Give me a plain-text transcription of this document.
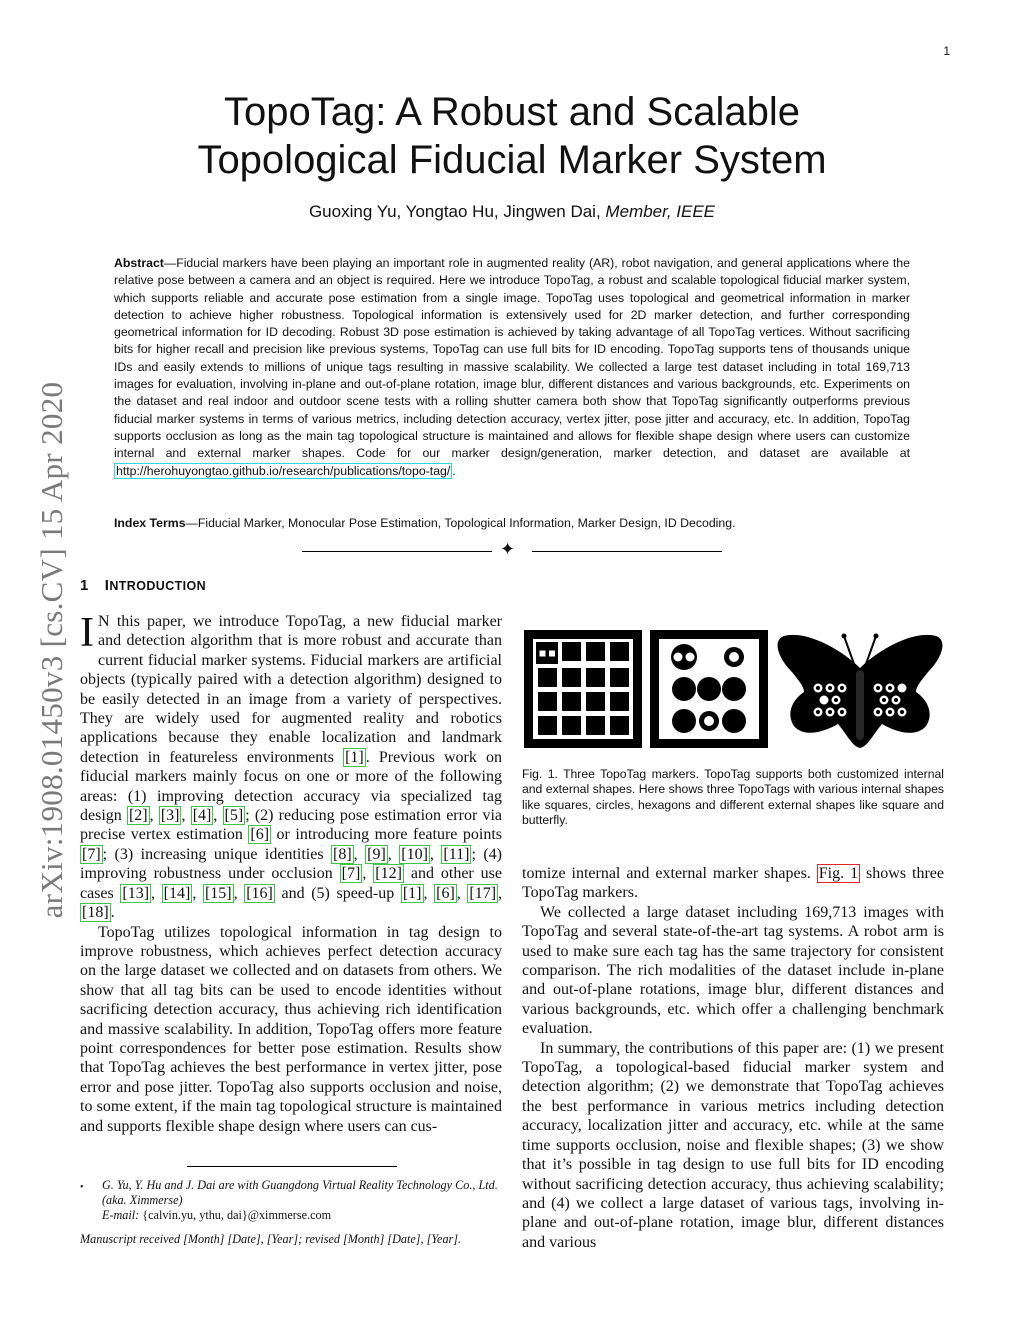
1
arXiv:1908.01450v3 [cs.CV] 15 Apr 2020
TopoTag: A Robust and Scalable
Topological Fiducial Marker System
Guoxing Yu, Yongtao Hu, Jingwen Dai, Member, IEEE
Abstract—Fiducial markers have been playing an important role in augmented reality (AR), robot navigation, and general applications where the relative pose between a camera and an object is required. Here we introduce TopoTag, a robust and scalable topological fiducial marker system, which supports reliable and accurate pose estimation from a single image. TopoTag uses topological and geometrical information in marker detection to achieve higher robustness. Topological information is extensively used for 2D marker detection, and further corresponding geometrical information for ID decoding. Robust 3D pose estimation is achieved by taking advantage of all TopoTag vertices. Without sacrificing bits for higher recall and precision like previous systems, TopoTag can use full bits for ID encoding. TopoTag supports tens of thousands unique IDs and easily extends to millions of unique tags resulting in massive scalability. We collected a large test dataset including in total 169,713 images for evaluation, involving in-plane and out-of-plane rotation, image blur, different distances and various backgrounds, etc. Experiments on the dataset and real indoor and outdoor scene tests with a rolling shutter camera both show that TopoTag significantly outperforms previous fiducial marker systems in terms of various metrics, including detection accuracy, vertex jitter, pose jitter and accuracy, etc. In addition, TopoTag supports occlusion as long as the main tag topological structure is maintained and allows for flexible shape design where users can customize internal and external marker shapes. Code for our marker design/generation, marker detection, and dataset are available at http://herohuyongtao.github.io/research/publications/topo-tag/ .
Index Terms—Fiducial Marker, Monocular Pose Estimation, Topological Information, Marker Design, ID Decoding.
✦
1 INTRODUCTION

I N this paper, we introduce TopoTag, a new fiducial marker and detection algorithm that is more robust and accurate than current fiducial marker systems. Fiducial markers are artificial objects (typically paired with a detection algorithm) designed to be easily detected in an image from a variety of perspectives. They are widely used for augmented reality and robotics applications because they enable localization and landmark detection in featureless environments [1] . Previous work on fiducial markers mainly focus on one or more of the following areas: (1) improving detection accuracy via specialized tag design [2] , [3] , [4] , [5] ; (2) reducing pose estimation error via precise vertex estimation [6] or introducing more feature points [7] ; (3) increasing unique identities [8] , [9] , [10] , [11] ; (4) improving robustness under occlusion [7] , [12] and other use cases [13] , [14] , [15] , [16] and (5) speed-up [1] , [6] , [17] , [18] .

TopoTag utilizes topological information in tag design to improve robustness, which achieves perfect detection accuracy on the large dataset we collected and on datasets from others. We show that all tag bits can be used to encode identities without sacrificing detection accuracy, thus achieving rich identification and massive scalability. In addition, TopoTag offers more feature point correspondences for better pose estimation. Results show that TopoTag achieves the best performance in vertex jitter, pose error and pose jitter. TopoTag also supports occlusion and noise, to some extent, if the main tag topological structure is maintained and supports flexible shape design where users can cus-

• G. Yu, Y. Hu and J. Dai are with Guangdong Virtual Reality Technology Co., Ltd. (aka. Ximmerse)
E-mail: {calvin.yu, ythu, dai}@ximmerse.com
Manuscript received [Month] [Date], [Year]; revised [Month] [Date], [Year].
Fig. 1. Three TopoTag markers. TopoTag supports both customized internal and external shapes. Here shows three TopoTags with various internal shapes like squares, circles, hexagons and different external shapes like square and butterfly.

tomize internal and external marker shapes. Fig. 1 shows three TopoTag markers.

We collected a large dataset including 169,713 images with TopoTag and several state-of-the-art tag systems. A robot arm is used to make sure each tag has the same trajectory for consistent comparison. The rich modalities of the dataset include in-plane and out-of-plane rotations, image blur, different distances and various backgrounds, etc. which offer a challenging benchmark evaluation.

In summary, the contributions of this paper are: (1) we present TopoTag, a topological-based fiducial marker system and detection algorithm; (2) we demonstrate that TopoTag achieves the best performance in various metrics including detection accuracy, localization jitter and accuracy, etc. while at the same time supports occlusion, noise and flexible shapes; (3) we show that it’s possible in tag design to use full bits for ID encoding without sacrificing detection accuracy, thus achieving scalability; and (4) we collect a large dataset of various tags, involving in-plane and out-of-plane rotation, image blur, different distances and various
